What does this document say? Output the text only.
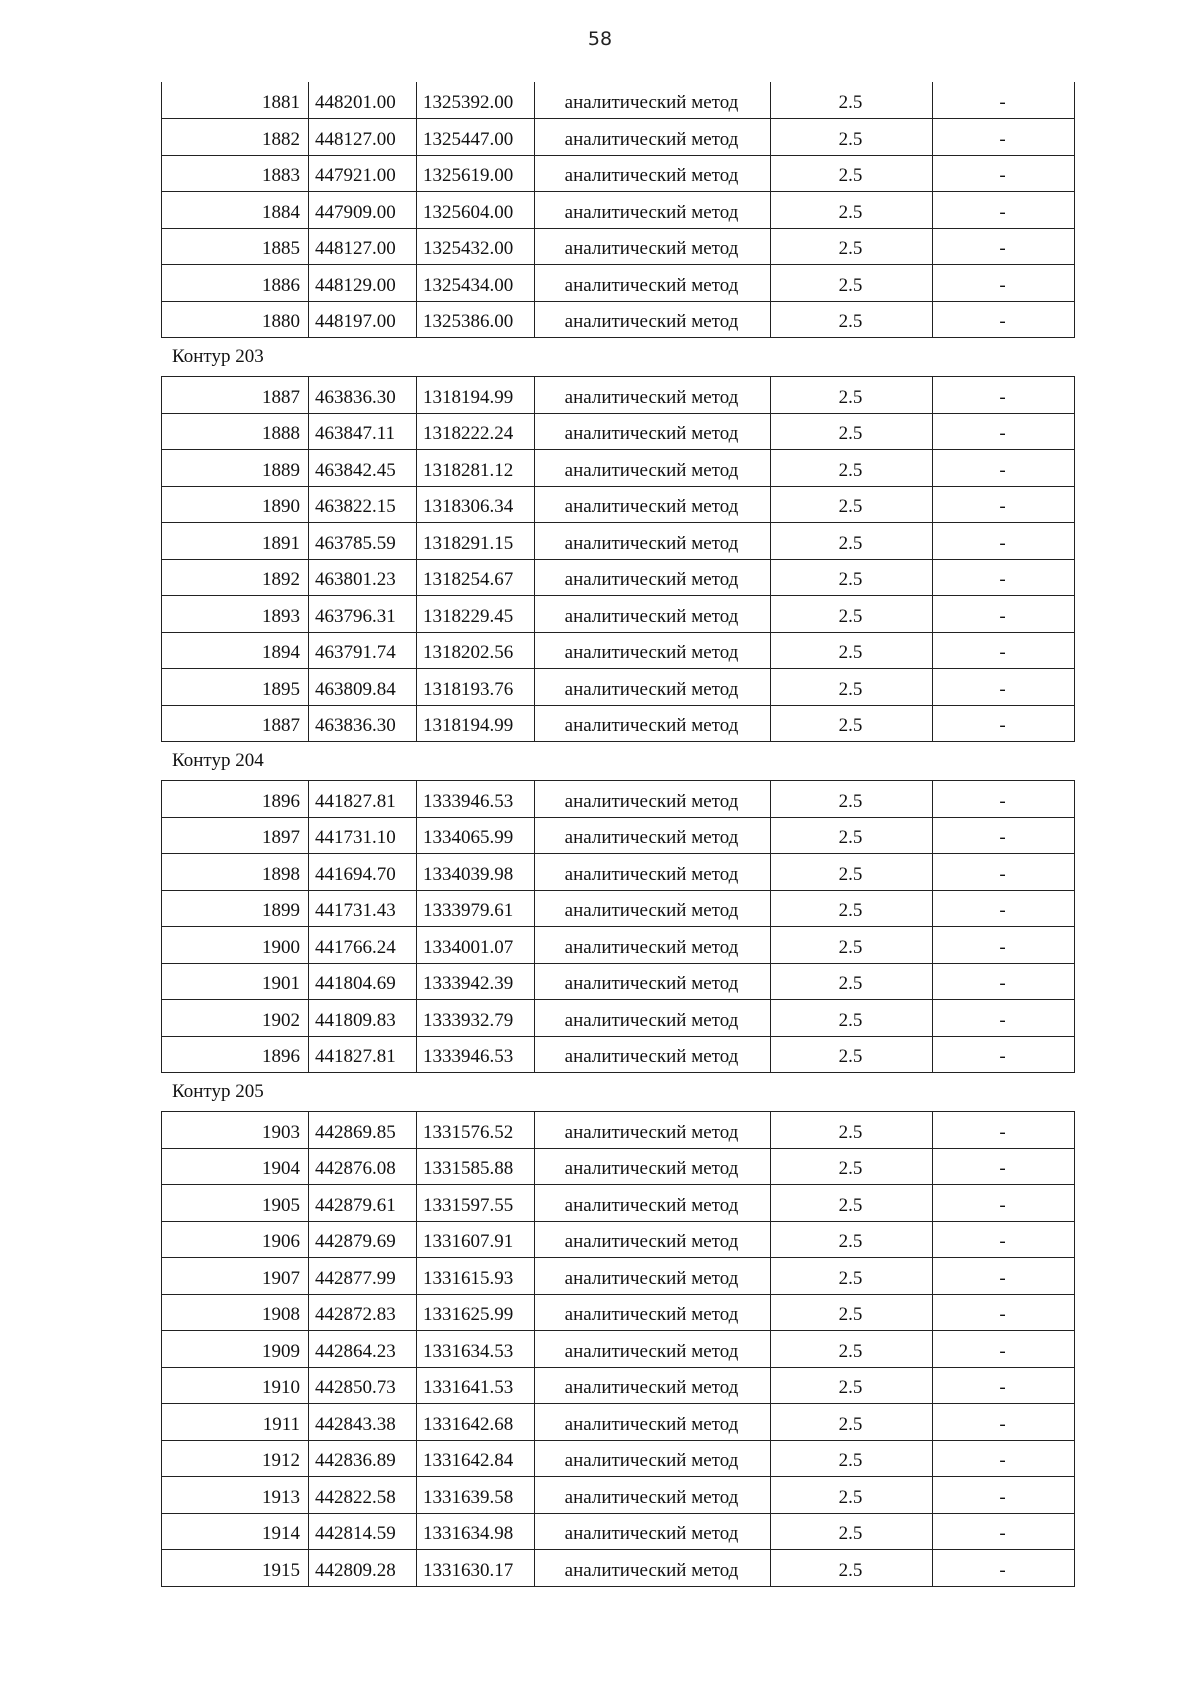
58
1881	448201.00	1325392.00	аналитический метод	2.5	-
1882	448127.00	1325447.00	аналитический метод	2.5	-
1883	447921.00	1325619.00	аналитический метод	2.5	-
1884	447909.00	1325604.00	аналитический метод	2.5	-
1885	448127.00	1325432.00	аналитический метод	2.5	-
1886	448129.00	1325434.00	аналитический метод	2.5	-
1880	448197.00	1325386.00	аналитический метод	2.5	-
Контур 203
1887	463836.30	1318194.99	аналитический метод	2.5	-
1888	463847.11	1318222.24	аналитический метод	2.5	-
1889	463842.45	1318281.12	аналитический метод	2.5	-
1890	463822.15	1318306.34	аналитический метод	2.5	-
1891	463785.59	1318291.15	аналитический метод	2.5	-
1892	463801.23	1318254.67	аналитический метод	2.5	-
1893	463796.31	1318229.45	аналитический метод	2.5	-
1894	463791.74	1318202.56	аналитический метод	2.5	-
1895	463809.84	1318193.76	аналитический метод	2.5	-
1887	463836.30	1318194.99	аналитический метод	2.5	-
Контур 204
1896	441827.81	1333946.53	аналитический метод	2.5	-
1897	441731.10	1334065.99	аналитический метод	2.5	-
1898	441694.70	1334039.98	аналитический метод	2.5	-
1899	441731.43	1333979.61	аналитический метод	2.5	-
1900	441766.24	1334001.07	аналитический метод	2.5	-
1901	441804.69	1333942.39	аналитический метод	2.5	-
1902	441809.83	1333932.79	аналитический метод	2.5	-
1896	441827.81	1333946.53	аналитический метод	2.5	-
Контур 205
1903	442869.85	1331576.52	аналитический метод	2.5	-
1904	442876.08	1331585.88	аналитический метод	2.5	-
1905	442879.61	1331597.55	аналитический метод	2.5	-
1906	442879.69	1331607.91	аналитический метод	2.5	-
1907	442877.99	1331615.93	аналитический метод	2.5	-
1908	442872.83	1331625.99	аналитический метод	2.5	-
1909	442864.23	1331634.53	аналитический метод	2.5	-
1910	442850.73	1331641.53	аналитический метод	2.5	-
1911	442843.38	1331642.68	аналитический метод	2.5	-
1912	442836.89	1331642.84	аналитический метод	2.5	-
1913	442822.58	1331639.58	аналитический метод	2.5	-
1914	442814.59	1331634.98	аналитический метод	2.5	-
1915	442809.28	1331630.17	аналитический метод	2.5	-
